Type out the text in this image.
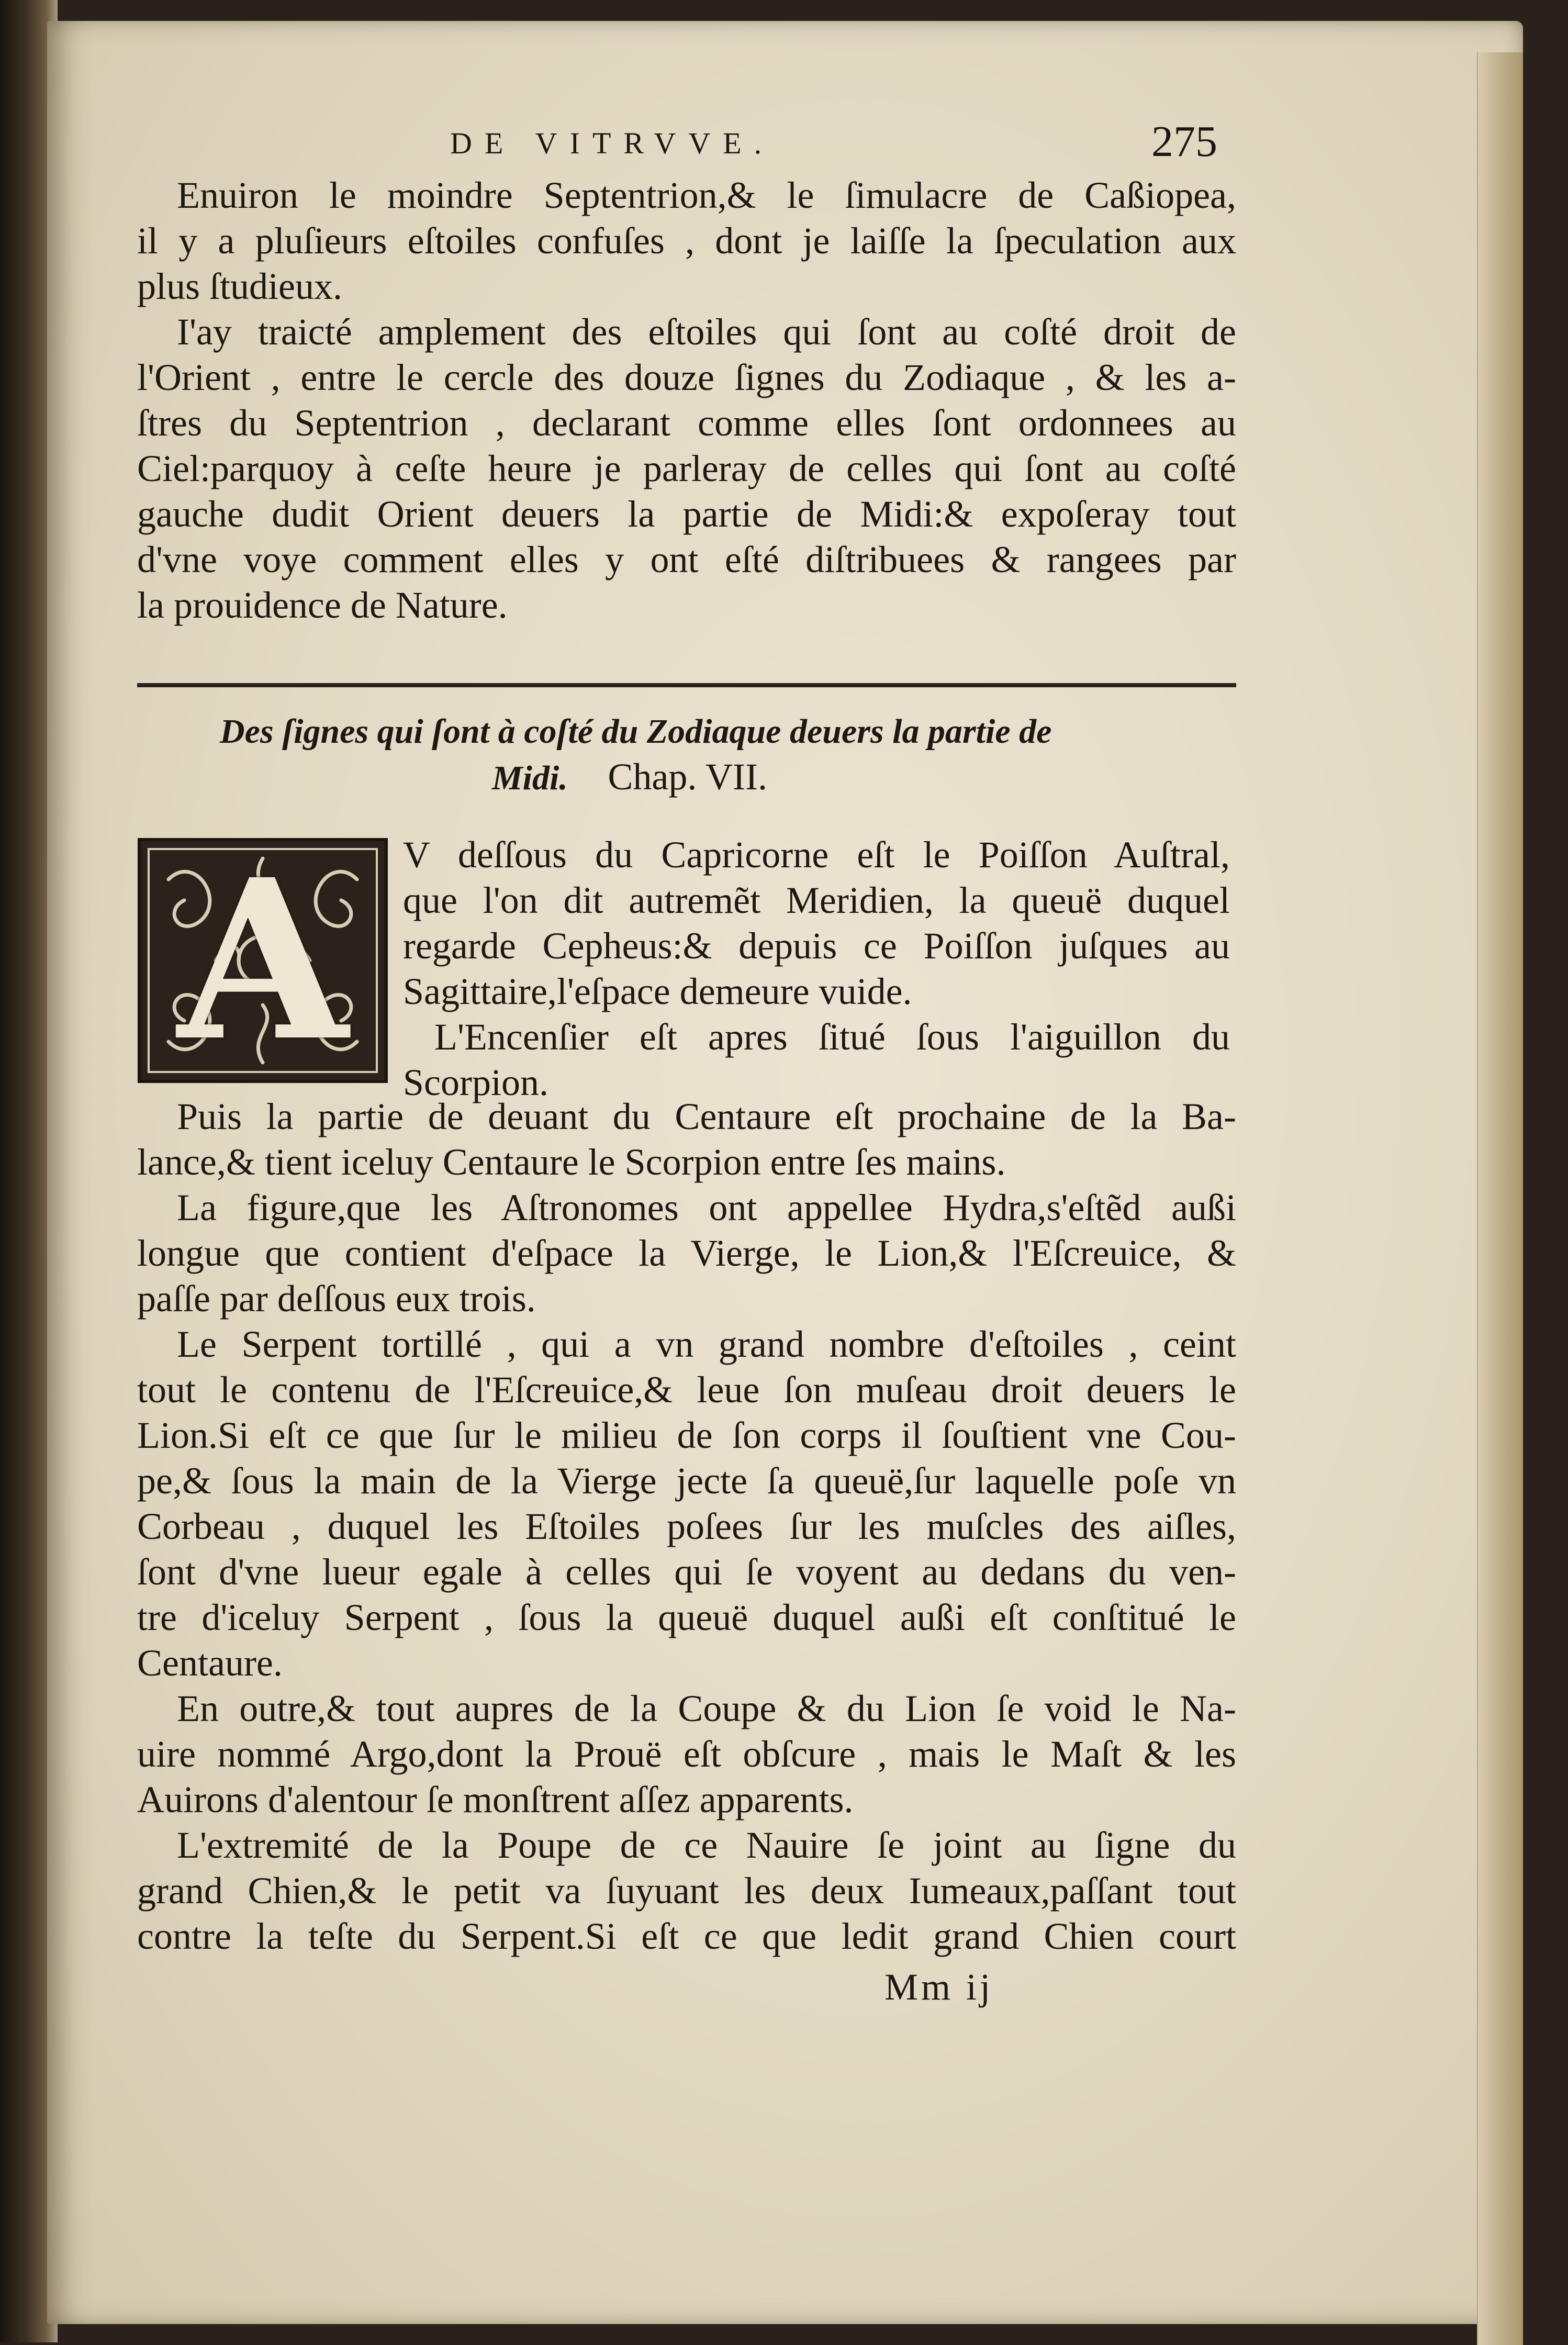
DE VITRVVE.	275
Enuiron le moindre Septentrion,& le ſimulacre de Caßiopea,
il y a pluſieurs eſtoiles confuſes , dont je laiſſe la ſpeculation aux
plus ſtudieux.
I'ay traicté amplement des eſtoiles qui ſont au coſté droit de
l'Orient , entre le cercle des douze ſignes du Zodiaque , & les a-
ſtres du Septentrion , declarant comme elles ſont ordonnees au
Ciel:parquoy à ceſte heure je parleray de celles qui ſont au coſté
gauche dudit Orient deuers la partie de Midi:& expoſeray tout
d'vne voye comment elles y ont eſté diſtribuees & rangees par
la prouidence de Nature.
Des ſignes qui ſont à coſté du Zodiaque deuers la partie de
Midi. Chap. VII.
A	V deſſous du Capricorne eſt le Poiſſon Auſtral,
que l'on dit autremẽt Meridien, la queuë duquel
regarde Cepheus:& depuis ce Poiſſon juſques au
Sagittaire,l'eſpace demeure vuide.
L'Encenſier eſt apres ſitué ſous l'aiguillon du
Scorpion.
Puis la partie de deuant du Centaure eſt prochaine de la Ba-
lance,& tient iceluy Centaure le Scorpion entre ſes mains.
La figure,que les Aſtronomes ont appellee Hydra,s'eſtẽd außi
longue que contient d'eſpace la Vierge, le Lion,& l'Eſcreuice, &
paſſe par deſſous eux trois.
Le Serpent tortillé , qui a vn grand nombre d'eſtoiles , ceint
tout le contenu de l'Eſcreuice,& leue ſon muſeau droit deuers le
Lion.Si eſt ce que ſur le milieu de ſon corps il ſouſtient vne Cou-
pe,& ſous la main de la Vierge jecte ſa queuë,ſur laquelle poſe vn
Corbeau , duquel les Eſtoiles poſees ſur les muſcles des aiſles,
ſont d'vne lueur egale à celles qui ſe voyent au dedans du ven-
tre d'iceluy Serpent , ſous la queuë duquel außi eſt conſtitué le
Centaure.
En outre,& tout aupres de la Coupe & du Lion ſe void le Na-
uire nommé Argo,dont la Prouë eſt obſcure , mais le Maſt & les
Auirons d'alentour ſe monſtrent aſſez apparents.
L'extremité de la Poupe de ce Nauire ſe joint au ſigne du
grand Chien,& le petit va ſuyuant les deux Iumeaux,paſſant tout
contre la teſte du Serpent.Si eſt ce que ledit grand Chien court
Mm ij
